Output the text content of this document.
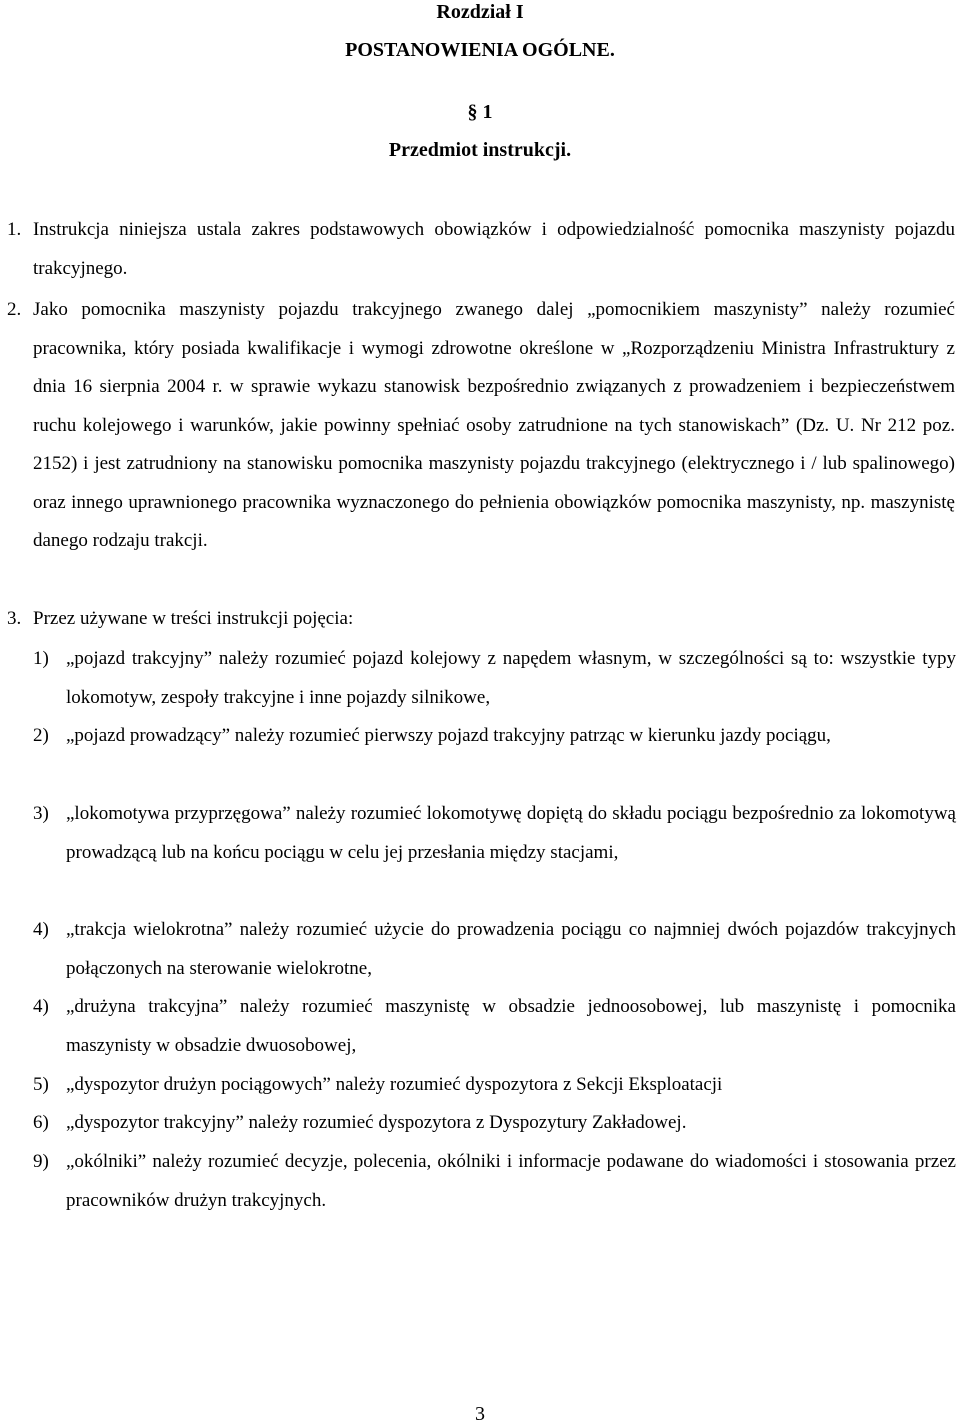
Rozdział I
POSTANOWIENIA OGÓLNE.
§ 1
Przedmiot instrukcji.
1. Instrukcja niniejsza ustala zakres podstawowych obowiązków i odpowiedzialność pomocnika maszynisty pojazdu trakcyjnego.
2. Jako pomocnika maszynisty pojazdu trakcyjnego zwanego dalej „pomocnikiem maszynisty” należy rozumieć pracownika, który posiada kwalifikacje i wymogi zdrowotne określone w „Rozporządzeniu Ministra Infrastruktury z dnia 16 sierpnia 2004 r. w sprawie wykazu stanowisk bezpośrednio związanych z prowadzeniem i bezpieczeństwem ruchu kolejowego i warunków, jakie powinny spełniać osoby zatrudnione na tych stanowiskach” (Dz. U. Nr 212 poz. 2152) i jest zatrudniony na stanowisku pomocnika maszynisty pojazdu trakcyjnego (elektrycznego i / lub spalinowego) oraz innego uprawnionego pracownika wyznaczonego do pełnienia obowiązków pomocnika maszynisty, np. maszynistę danego rodzaju trakcji.
3. Przez używane w treści instrukcji pojęcia:
1) „pojazd trakcyjny” należy rozumieć pojazd kolejowy z napędem własnym, w szczególności są to: wszystkie typy lokomotyw, zespoły trakcyjne i inne pojazdy silnikowe,
2) „pojazd prowadzący” należy rozumieć pierwszy pojazd trakcyjny patrząc w kierunku jazdy pociągu,
3) „lokomotywa przyprzęgowa” należy rozumieć lokomotywę dopiętą do składu pociągu bezpośrednio za lokomotywą prowadzącą lub na końcu pociągu w celu jej przesłania między stacjami,
4) „trakcja wielokrotna” należy rozumieć użycie do prowadzenia pociągu co najmniej dwóch pojazdów trakcyjnych połączonych na sterowanie wielokrotne,
4) „drużyna trakcyjna” należy rozumieć maszynistę w obsadzie jednoosobowej, lub maszynistę i pomocnika maszynisty w obsadzie dwuosobowej,
5) „dyspozytor drużyn pociągowych” należy rozumieć dyspozytora z Sekcji Eksploatacji
6) „dyspozytor trakcyjny” należy rozumieć dyspozytora z Dyspozytury Zakładowej.
9) „okólniki” należy rozumieć decyzje, polecenia, okólniki i informacje podawane do wiadomości i stosowania przez pracowników drużyn trakcyjnych.
3
